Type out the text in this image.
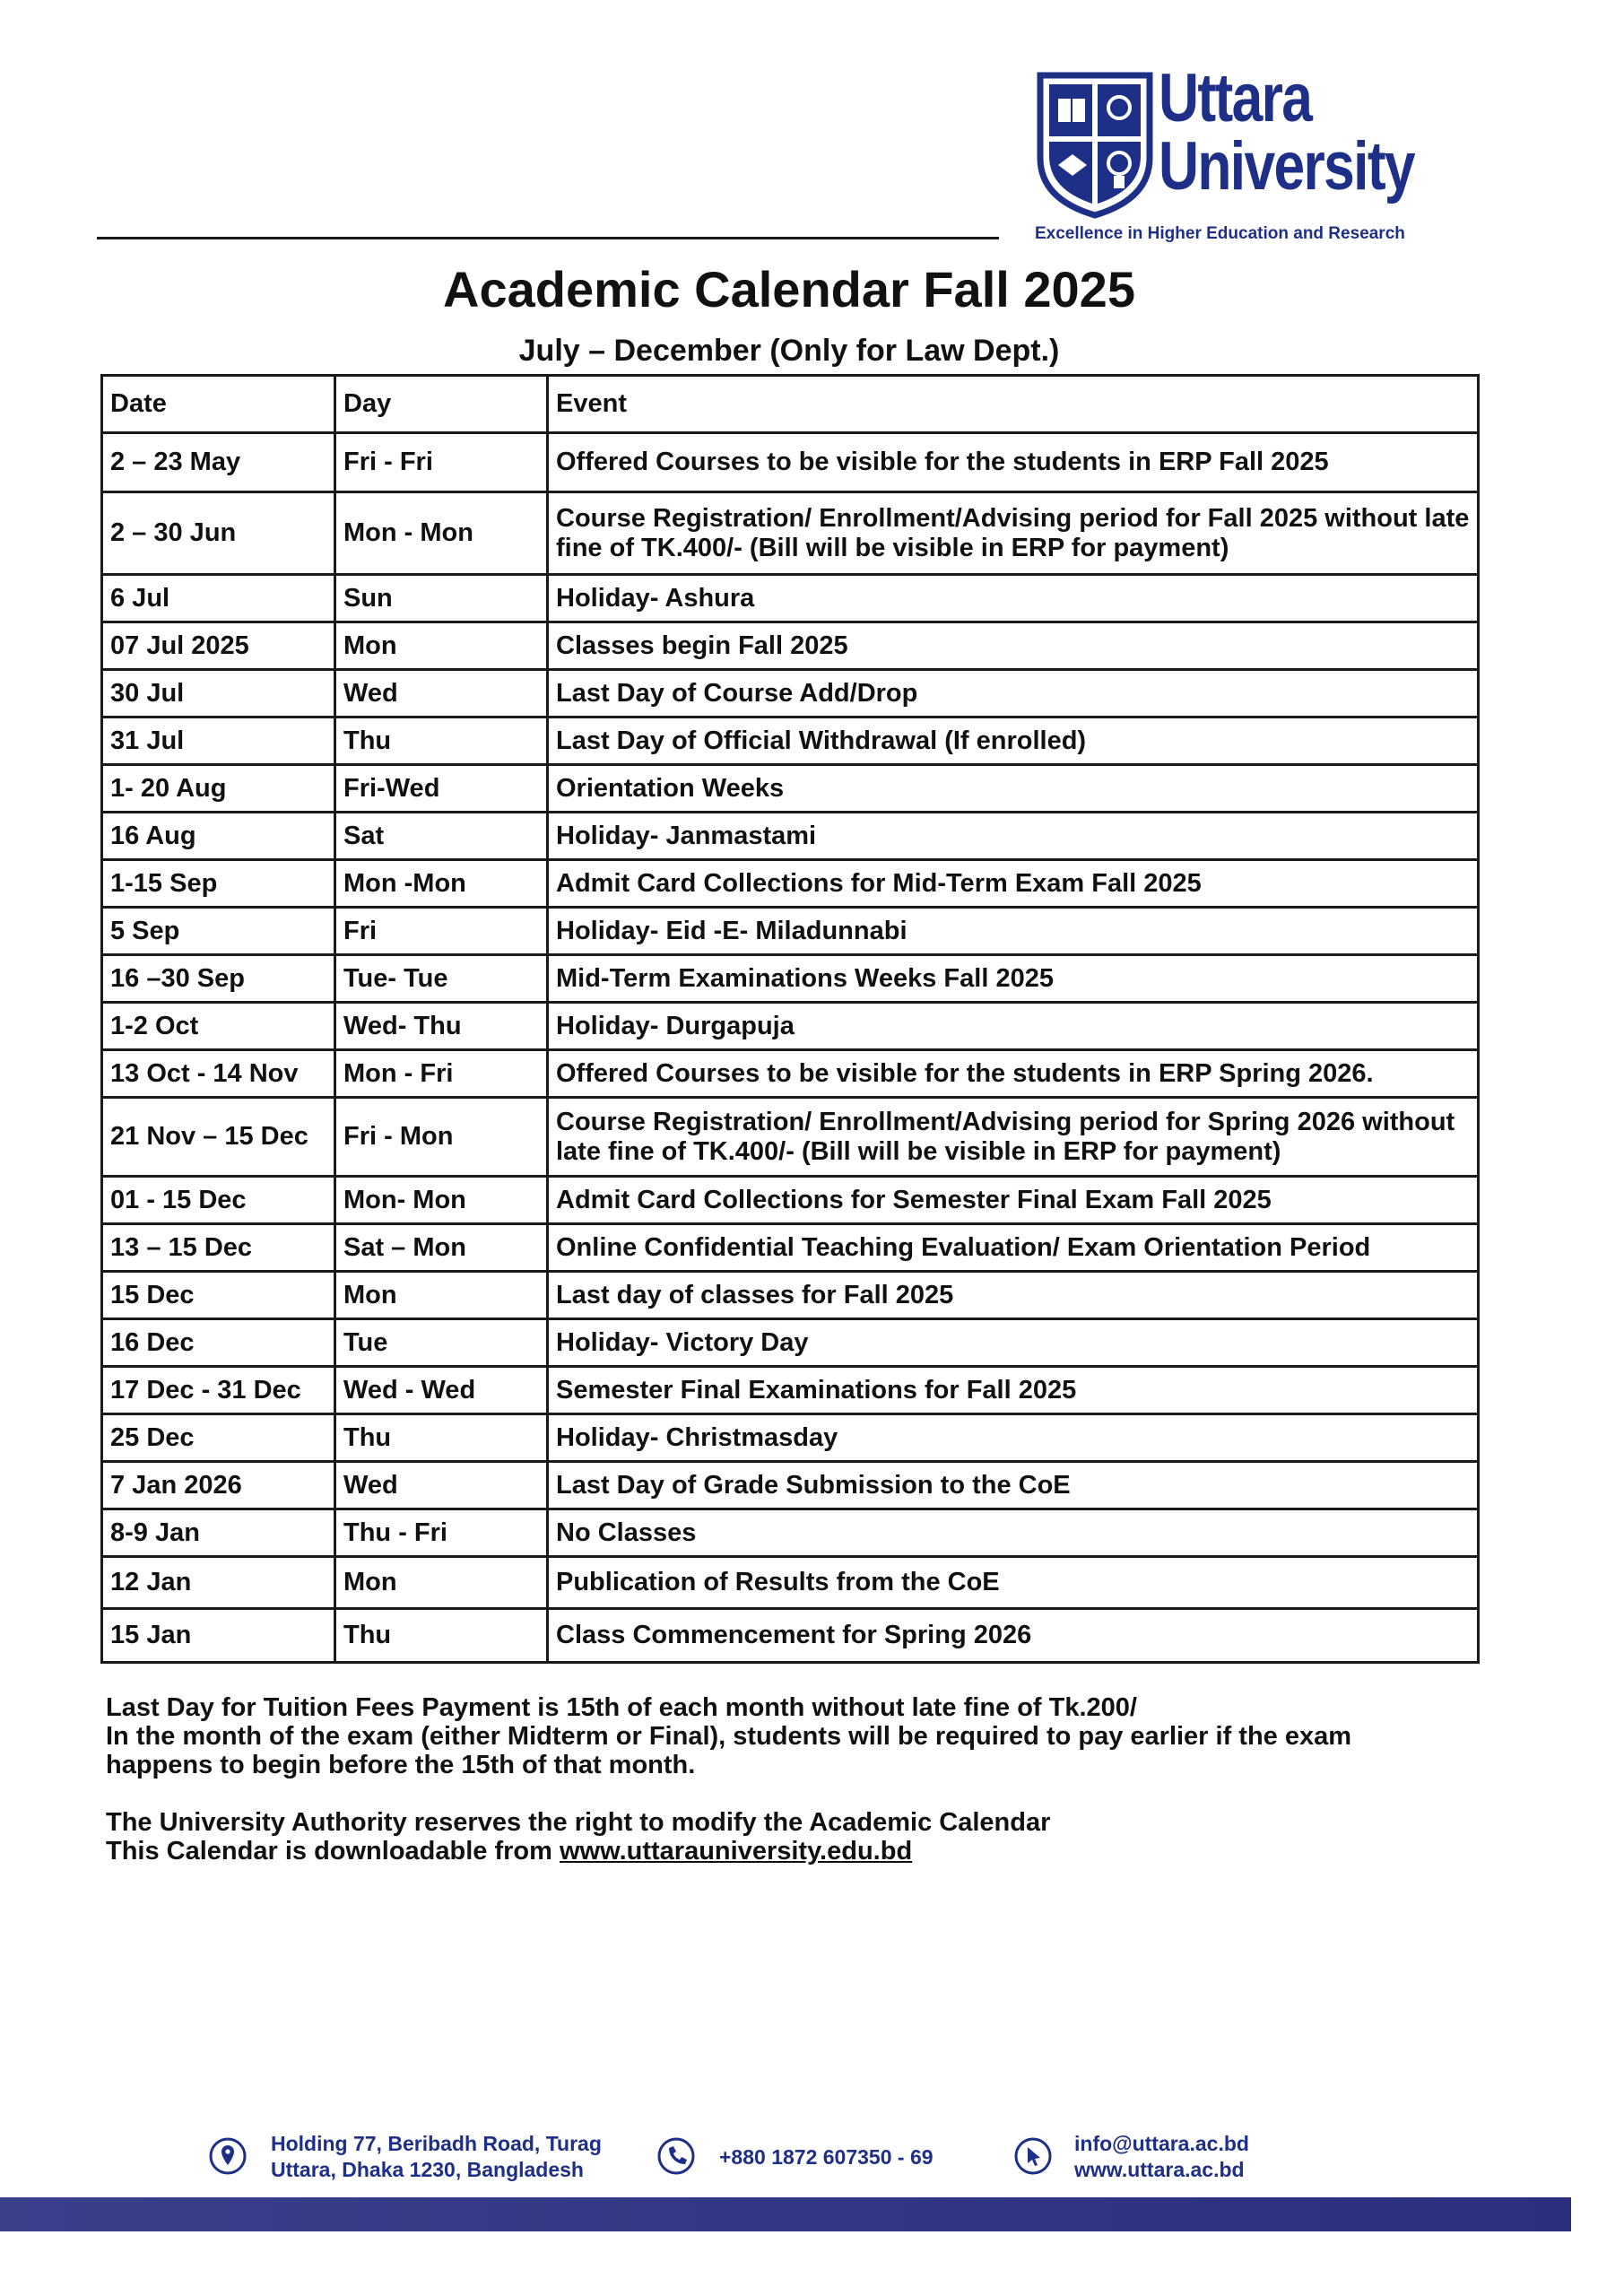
Uttara
University
Excellence in Higher Education and Research
Academic Calendar Fall 2025
July – December (Only for Law Dept.)
Date	Day	Event
2 – 23 May	Fri - Fri	Offered Courses to be visible for the students in ERP Fall 2025
2 – 30 Jun	Mon - Mon	Course Registration/ Enrollment/Advising period for Fall 2025 without late fine of TK.400/- (Bill will be visible in ERP for payment)
6 Jul	Sun	Holiday- Ashura
07 Jul 2025	Mon	Classes begin Fall 2025
30 Jul	Wed	Last Day of Course Add/Drop
31 Jul	Thu	Last Day of Official Withdrawal (If enrolled)
1- 20 Aug	Fri-Wed	Orientation Weeks
16 Aug	Sat	Holiday- Janmastami
1-15 Sep	Mon -Mon	Admit Card Collections for Mid-Term Exam Fall 2025
5 Sep	Fri	Holiday- Eid -E- Miladunnabi
16 –30 Sep	Tue- Tue	Mid-Term Examinations Weeks Fall 2025
1-2 Oct	Wed- Thu	Holiday- Durgapuja
13 Oct - 14 Nov	Mon - Fri	Offered Courses to be visible for the students in ERP Spring 2026.
21 Nov – 15 Dec	Fri - Mon	Course Registration/ Enrollment/Advising period for Spring 2026 without late fine of TK.400/- (Bill will be visible in ERP for payment)
01 - 15 Dec	Mon- Mon	Admit Card Collections for Semester Final Exam Fall 2025
13 – 15 Dec	Sat – Mon	Online Confidential Teaching Evaluation/ Exam Orientation Period
15 Dec	Mon	Last day of classes for Fall 2025
16 Dec	Tue	Holiday- Victory Day
17 Dec - 31 Dec	Wed - Wed	Semester Final Examinations for Fall 2025
25 Dec	Thu	Holiday- Christmasday
7 Jan 2026	Wed	Last Day of Grade Submission to the CoE
8-9 Jan	Thu - Fri	No Classes
12 Jan	Mon	Publication of Results from the CoE
15 Jan	Thu	Class Commencement for Spring 2026

Last Day for Tuition Fees Payment is 15th of each month without late fine of Tk.200/

In the month of the exam (either Midterm or Final), students will be required to pay earlier if the exam happens to begin before the 15th of that month.

The University Authority reserves the right to modify the Academic Calendar

This Calendar is downloadable from www.uttarauniversity.edu.bd

Holding 77, Beribadh Road, Turag
Uttara, Dhaka 1230, Bangladesh
+880 1872 607350 - 69
info@uttara.ac.bd
www.uttara.ac.bd
